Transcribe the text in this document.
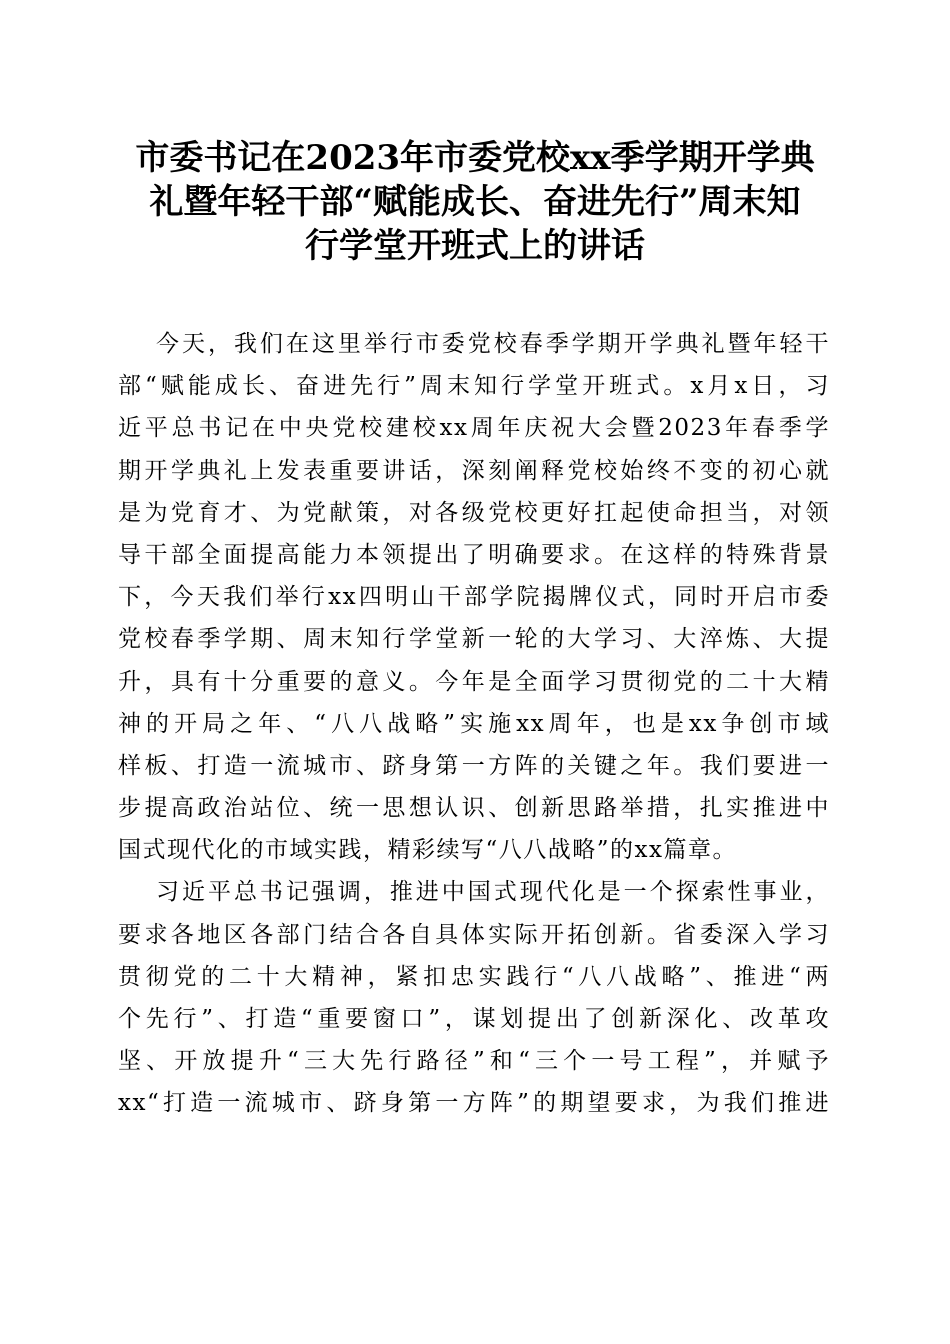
市委书记在2023年市委党校xx季学期开学典
礼暨年轻干部“赋能成长、奋进先行”周末知
行学堂开班式上的讲话
今天，我们在这里举行市委党校春季学期开学典礼暨年轻干
部“赋能成长、奋进先行”周末知行学堂开班式。x月x日，习
近平总书记在中央党校建校xx周年庆祝大会暨2023年春季学
期开学典礼上发表重要讲话，深刻阐释党校始终不变的初心就
是为党育才、为党献策，对各级党校更好扛起使命担当，对领
导干部全面提高能力本领提出了明确要求。在这样的特殊背景
下，今天我们举行xx四明山干部学院揭牌仪式，同时开启市委
党校春季学期、周末知行学堂新一轮的大学习、大淬炼、大提
升，具有十分重要的意义。今年是全面学习贯彻党的二十大精
神的开局之年、“八八战略”实施xx周年，也是xx争创市域
样板、打造一流城市、跻身第一方阵的关键之年。我们要进一
步提高政治站位、统一思想认识、创新思路举措，扎实推进中
国式现代化的市域实践，精彩续写“八八战略”的xx篇章。
习近平总书记强调，推进中国式现代化是一个探索性事业，
要求各地区各部门结合各自具体实际开拓创新。省委深入学习
贯彻党的二十大精神，紧扣忠实践行“八八战略”、推进“两
个先行”、打造“重要窗口”，谋划提出了创新深化、改革攻
坚、开放提升“三大先行路径”和“三个一号工程”，并赋予
xx“打造一流城市、跻身第一方阵”的期望要求，为我们推进
